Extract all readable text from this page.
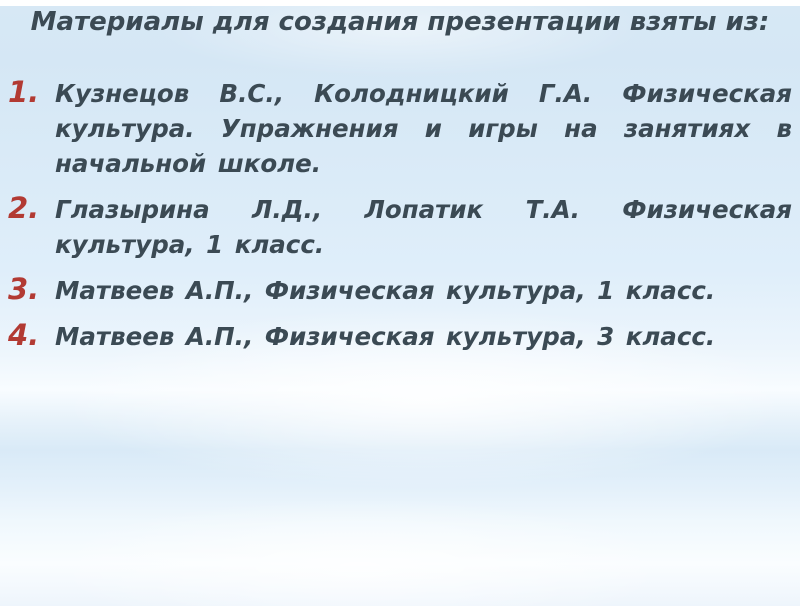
Материалы для создания презентации взяты из:
1. Кузнецов В.С., Колодницкий Г.А. Физическая культура. Упражнения и игры на занятиях в начальной школе.
2. Глазырина Л.Д., Лопатик Т.А. Физическая культура, 1 класс.
3. Матвеев А.П., Физическая культура, 1 класс.
4. Матвеев А.П., Физическая культура, 3 класс.
